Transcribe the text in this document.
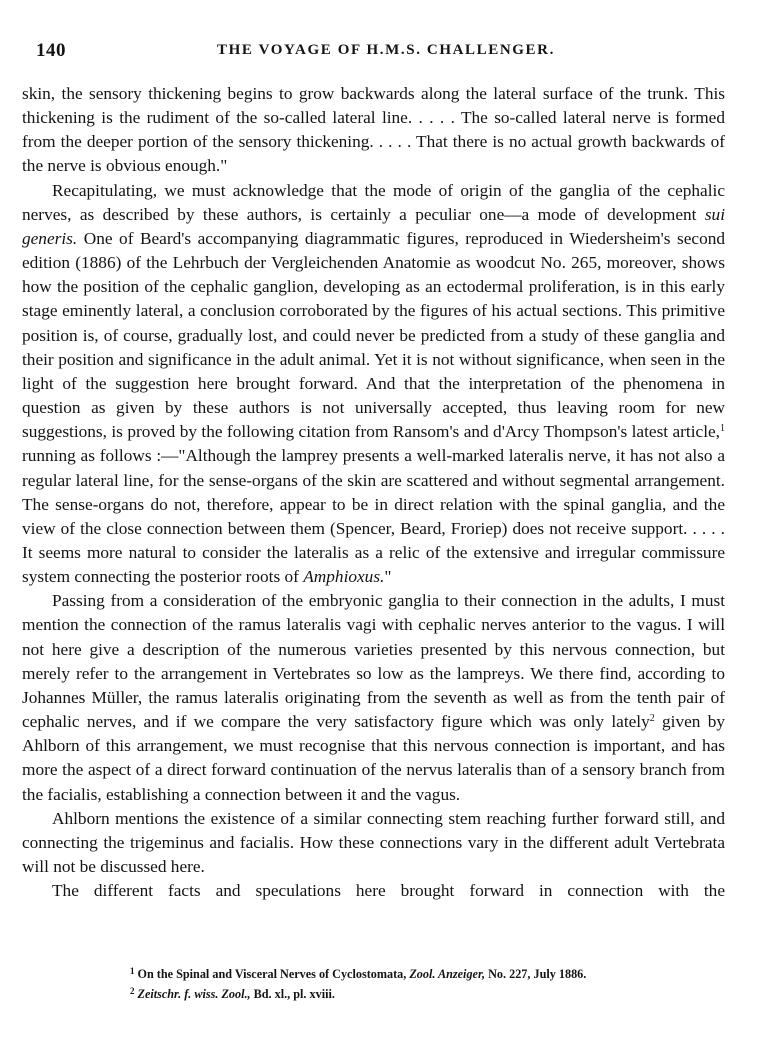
140	THE VOYAGE OF H.M.S. CHALLENGER.

skin, the sensory thickening begins to grow backwards along the lateral surface of the trunk. This thickening is the rudiment of the so-called lateral line. . . . . The so-called lateral nerve is formed from the deeper portion of the sensory thickening. . . . . That there is no actual growth backwards of the nerve is obvious enough."

Recapitulating, we must acknowledge that the mode of origin of the ganglia of the cephalic nerves, as described by these authors, is certainly a peculiar one—a mode of development sui generis. One of Beard's accompanying diagrammatic figures, reproduced in Wiedersheim's second edition (1886) of the Lehrbuch der Vergleichenden Anatomie as woodcut No. 265, moreover, shows how the position of the cephalic ganglion, developing as an ectodermal proliferation, is in this early stage eminently lateral, a conclusion corroborated by the figures of his actual sections. This primitive position is, of course, gradually lost, and could never be predicted from a study of these ganglia and their position and significance in the adult animal. Yet it is not without significance, when seen in the light of the suggestion here brought forward. And that the interpretation of the phenomena in question as given by these authors is not universally accepted, thus leaving room for new suggestions, is proved by the following citation from Ransom's and d'Arcy Thompson's latest article,$^1$ running as follows :—"Although the lamprey presents a well-marked lateralis nerve, it has not also a regular lateral line, for the sense-organs of the skin are scattered and without segmental arrangement. The sense-organs do not, therefore, appear to be in direct relation with the spinal ganglia, and the view of the close connection between them (Spencer, Beard, Froriep) does not receive support. . . . . It seems more natural to consider the lateralis as a relic of the extensive and irregular commissure system connecting the posterior roots of Amphioxus."

Passing from a consideration of the embryonic ganglia to their connection in the adults, I must mention the connection of the ramus lateralis vagi with cephalic nerves anterior to the vagus. I will not here give a description of the numerous varieties presented by this nervous connection, but merely refer to the arrangement in Vertebrates so low as the lampreys. We there find, according to Johannes Müller, the ramus lateralis originating from the seventh as well as from the tenth pair of cephalic nerves, and if we compare the very satisfactory figure which was only lately$^2$ given by Ahlborn of this arrangement, we must recognise that this nervous connection is important, and has more the aspect of a direct forward continuation of the nervus lateralis than of a sensory branch from the facialis, establishing a connection between it and the vagus.

Ahlborn mentions the existence of a similar connecting stem reaching further forward still, and connecting the trigeminus and facialis. How these connections vary in the different adult Vertebrata will not be discussed here.

The different facts and speculations here brought forward in connection with the

$^1$ On the Spinal and Visceral Nerves of Cyclostomata, Zool. Anzeiger, No. 227, July 1886.
$^2$ Zeitschr. f. wiss. Zool., Bd. xl., pl. xviii.
